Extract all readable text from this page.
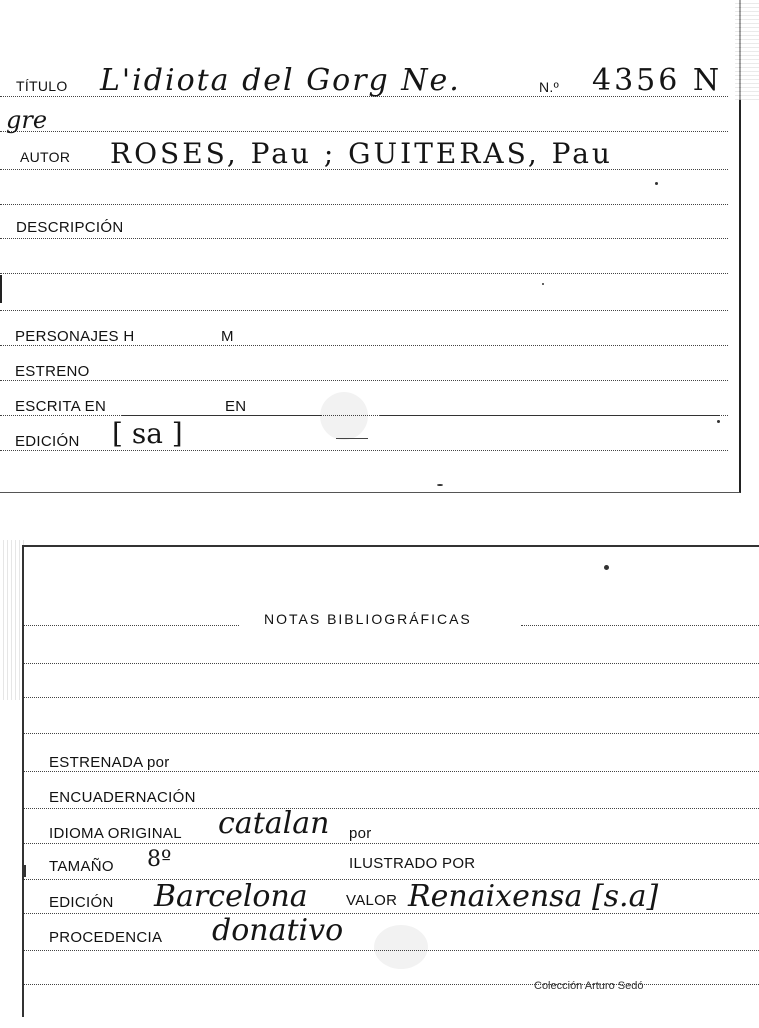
TÍTULO L'idiota del Gorg Ne.	N.º 4356 N
gre
AUTOR ROSES, Pau ; GUITERAS, Pau
DESCRIPCIÓN
PERSONAJES H	M
ESTRENO
ESCRITA EN	EN
EDICIÓN [ sa ]
NOTAS BIBLIOGRÁFICAS
ESTRENADA por
ENCUADERNACIÓN
IDIOMA ORIGINAL catalan por
TAMAÑO 8º	ILUSTRADO POR
EDICIÓN Barcelona	VALOR Renaixensa [s.a]
PROCEDENCIA donativo
Colección Arturo Sedó
